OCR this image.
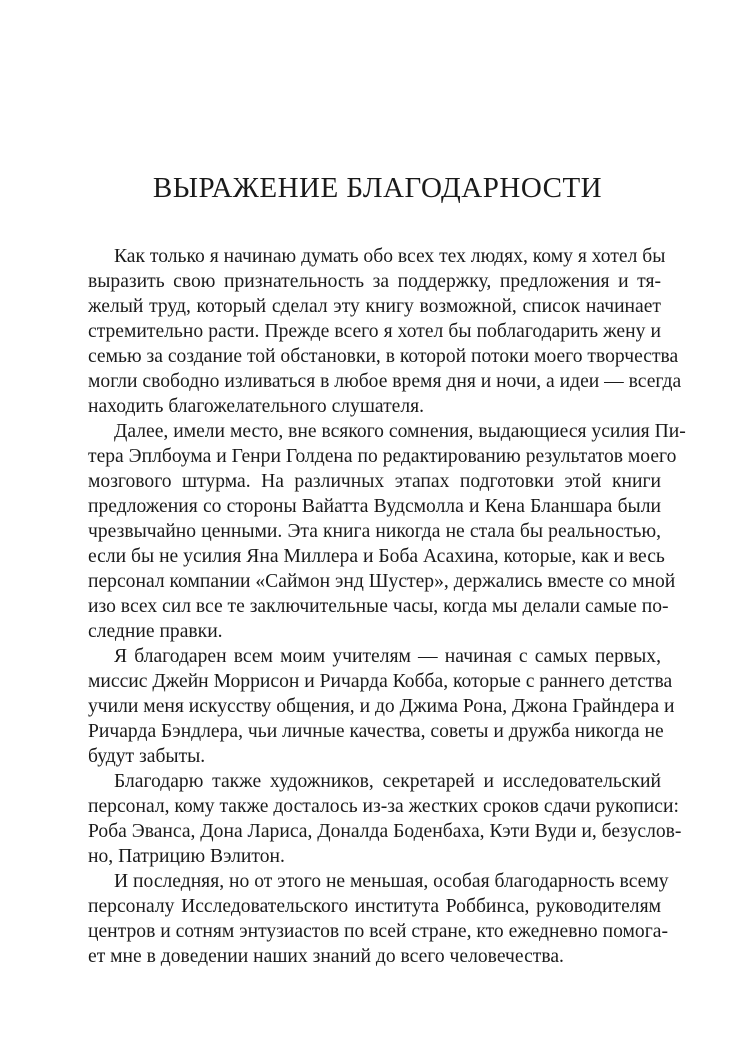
ВЫРАЖЕНИЕ БЛАГОДАРНОСТИ
Как только я начинаю думать обо всех тех людях, кому я хотел бы
выразить свою признательность за поддержку, предложения и тя-
желый труд, который сделал эту книгу возможной, список начинает
стремительно расти. Прежде всего я хотел бы поблагодарить жену и
семью за создание той обстановки, в которой потоки моего творчества
могли свободно изливаться в любое время дня и ночи, а идеи — всегда
находить благожелательного слушателя.
Далее, имели место, вне всякого сомнения, выдающиеся усилия Пи-
тера Эплбоума и Генри Голдена по редактированию результатов моего
мозгового штурма. На различных этапах подготовки этой книги
предложения со стороны Вайатта Вудсмолла и Кена Бланшара были
чрезвычайно ценными. Эта книга никогда не стала бы реальностью,
если бы не усилия Яна Миллера и Боба Асахина, которые, как и весь
персонал компании «Саймон энд Шустер», держались вместе со мной
изо всех сил все те заключительные часы, когда мы делали самые по-
следние правки.
Я благодарен всем моим учителям — начиная с самых первых,
миссис Джейн Моррисон и Ричарда Кобба, которые с раннего детства
учили меня искусству общения, и до Джима Рона, Джона Грайндера и
Ричарда Бэндлера, чьи личные качества, советы и дружба никогда не
будут забыты.
Благодарю также художников, секретарей и исследовательский
персонал, кому также досталось из-за жестких сроков сдачи рукописи:
Роба Эванса, Дона Лариса, Доналда Боденбаха, Кэти Вуди и, безуслов-
но, Патрицию Вэлитон.
И последняя, но от этого не меньшая, особая благодарность всему
персоналу Исследовательского института Роббинса, руководителям
центров и сотням энтузиастов по всей стране, кто ежедневно помога-
ет мне в доведении наших знаний до всего человечества.
